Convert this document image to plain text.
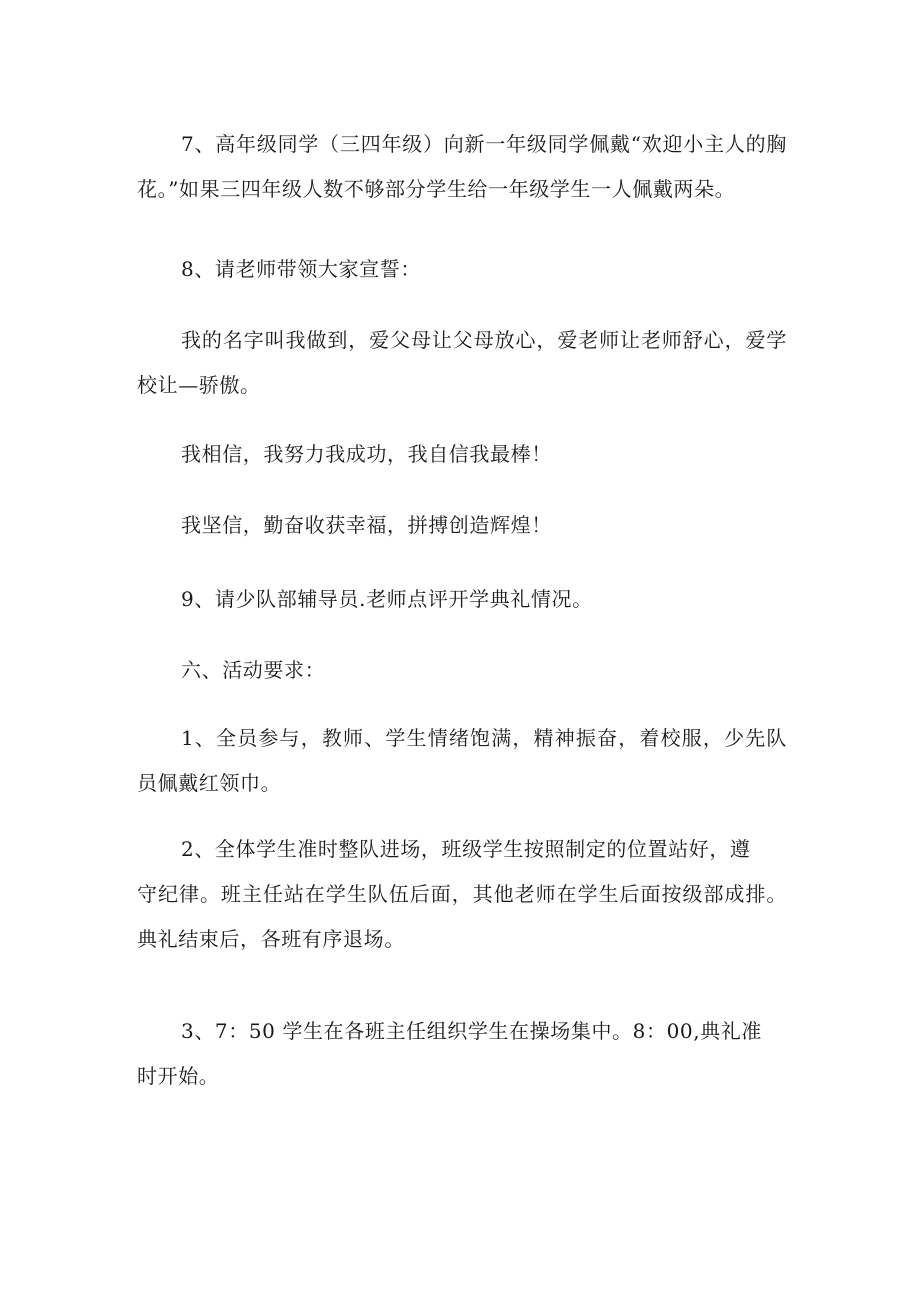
7、高年级同学（三四年级）向新一年级同学佩戴“欢迎小主人的胸花。”如果三四年级人数不够部分学生给一年级学生一人佩戴两朵。

8、请老师带领大家宣誓：

我的名字叫我做到，爱父母让父母放心，爱老师让老师舒心，爱学校让—骄傲。

我相信，我努力我成功，我自信我最棒！

我坚信，勤奋收获幸福，拼搏创造辉煌！

9、请少队部辅导员.老师点评开学典礼情况。

六、活动要求：

1、全员参与，教师、学生情绪饱满，精神振奋，着校服，少先队员佩戴红领巾。

2、全体学生准时整队进场，班级学生按照制定的位置站好，遵
守纪律。班主任站在学生队伍后面，其他老师在学生后面按级部成排。典礼结束后，各班有序退场。

3、7：50 学生在各班主任组织学生在操场集中。8：00,典礼准
时开始。
